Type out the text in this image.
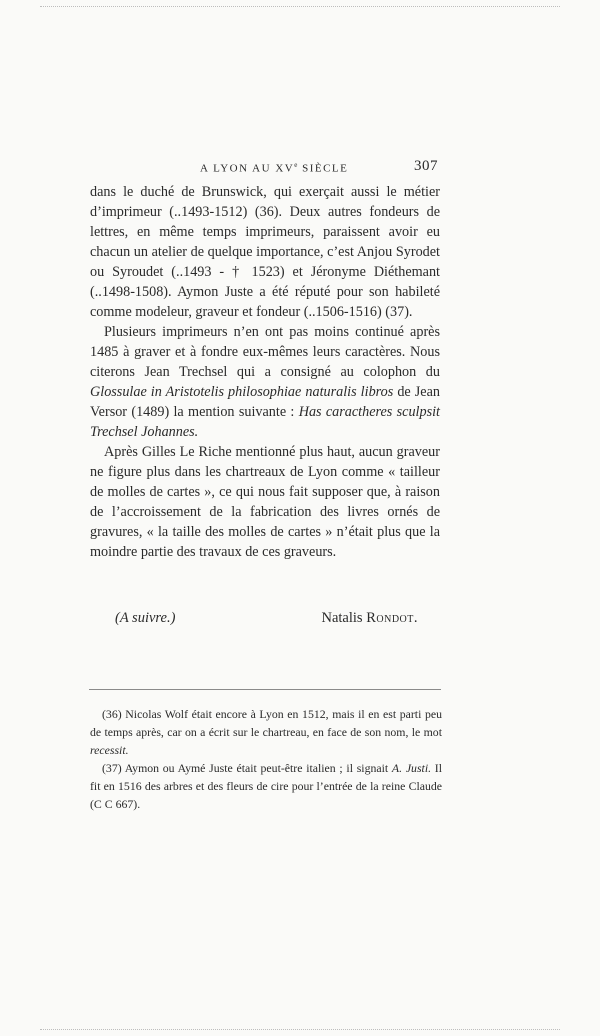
A LYON AU XVe SIÈCLE	307

dans le duché de Brunswick, qui exerçait aussi le métier d’imprimeur (..1493-1512) (36). Deux autres fondeurs de lettres, en même temps imprimeurs, paraissent avoir eu chacun un atelier de quelque importance, c’est Anjou Syrodet ou Syroudet (..1493 - † 1523) et Jéronyme Diéthemant (..1498-1508). Aymon Juste a été réputé pour son habileté comme modeleur, graveur et fondeur (..1506-1516) (37).

Plusieurs imprimeurs n’en ont pas moins continué après 1485 à graver et à fondre eux-mêmes leurs caractères. Nous citerons Jean Trechsel qui a consigné au colophon du Glossulae in Aristotelis philosophiae naturalis libros de Jean Versor (1489) la mention suivante : Has caractheres sculpsit Trechsel Johannes.

Après Gilles Le Riche mentionné plus haut, aucun graveur ne figure plus dans les chartreaux de Lyon comme « tailleur de molles de cartes », ce qui nous fait supposer que, à raison de l’accroissement de la fabrication des livres ornés de gravures, « la taille des molles de cartes » n’était plus que la moindre partie des travaux de ces graveurs.

(A suivre.)	Natalis Rondot.

(36) Nicolas Wolf était encore à Lyon en 1512, mais il en est parti peu de temps après, car on a écrit sur le chartreau, en face de son nom, le mot recessit.

(37) Aymon ou Aymé Juste était peut-être italien ; il signait A. Justi. Il fit en 1516 des arbres et des fleurs de cire pour l’entrée de la reine Claude (C C 667).
